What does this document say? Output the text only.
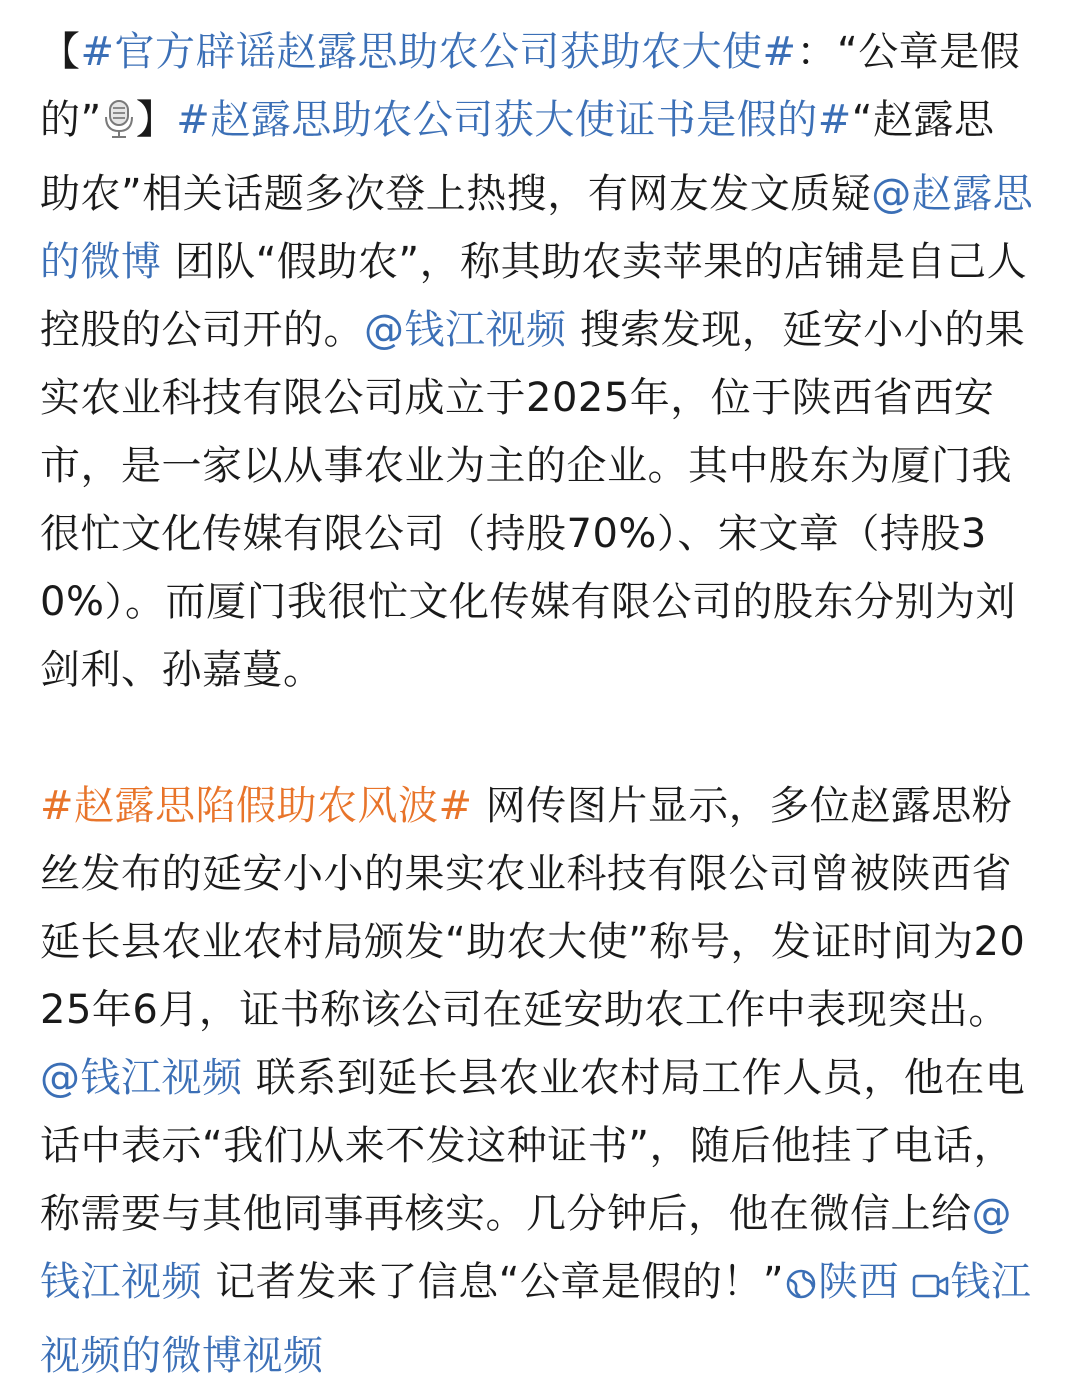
【#官方辟谣赵露思助农公司获助农大使#：“公章是假的” 】#赵露思助农公司获大使证书是假的#“赵露思 助农”相关话题多次登上热搜，有网友发文质疑@赵露思的微博 团队“假助农”，称其助农卖苹果的店铺是自己人控股的公司开的。@钱江视频 搜索发现，延安小小的果实农业科技有限公司成立于2025年，位于陕西省西安市，是一家以从事农业为主的企业。其中股东为厦门我很忙文化传媒有限公司（持股70%）、宋文章（持股30%）。而厦门我很忙文化传媒有限公司的股东分别为刘剑利、孙嘉蔓。

#赵露思陷假助农风波# 网传图片显示，多位赵露思粉丝发布的延安小小的果实农业科技有限公司曾被陕西省延长县农业农村局颁发“助农大使”称号，发证时间为2025年6月，证书称该公司在延安助农工作中表现突出。@钱江视频 联系到延长县农业农村局工作人员，他在电话中表示“我们从来不发这种证书”，随后他挂了电话，称需要与其他同事再核实。几分钟后，他在微信上给@钱江视频 记者发来了信息“公章是假的！” 陕西 钱江视频的微博视频
